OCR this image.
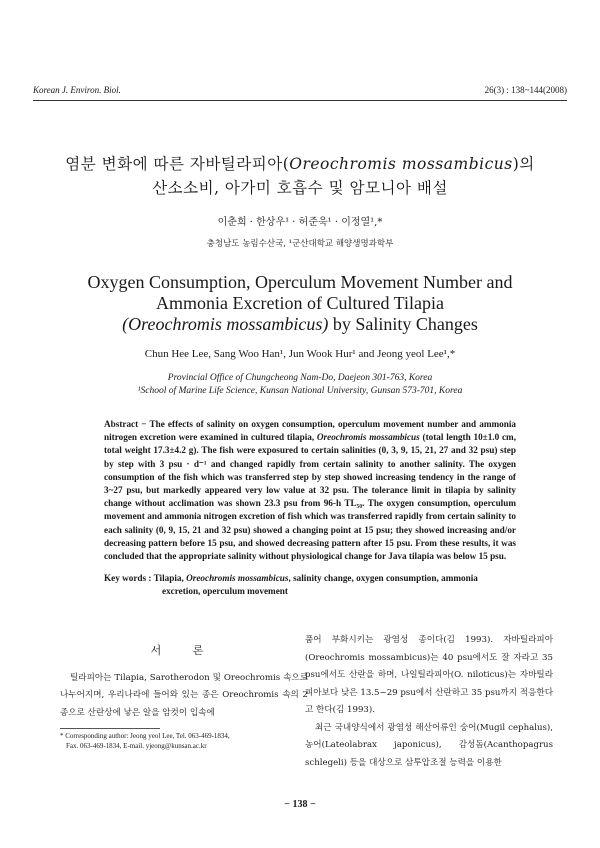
Korean J. Environ. Biol.	26(3) : 138~144(2008)
염분 변화에 따른 자바틸라피아(Oreochromis mossambicus)의
산소소비, 아가미 호흡수 및 암모니아 배설
이춘희 · 한상우¹ · 허준욱¹ · 이정열¹,*
충청남도 농림수산국, ¹군산대학교 해양생명과학부
Oxygen Consumption, Operculum Movement Number and
Ammonia Excretion of Cultured Tilapia
(Oreochromis mossambicus) by Salinity Changes
Chun Hee Lee, Sang Woo Han¹, Jun Wook Hur¹ and Jeong yeol Lee¹,*
Provincial Office of Chungcheong Nam-Do, Daejeon 301-763, Korea
¹School of Marine Life Science, Kunsan National University, Gunsan 573-701, Korea
Abstract − The effects of salinity on oxygen consumption, operculum movement number and ammonia nitrogen excretion were examined in cultured tilapia, Oreochromis mossambicus (total length 10±1.0 cm, total weight 17.3±4.2 g). The fish were exposured to certain salinities (0, 3, 9, 15, 21, 27 and 32 psu) step by step with 3 psu · d⁻¹ and changed rapidly from certain salinity to another salinity. The oxygen consumption of the fish which was transferred step by step showed increasing tendency in the range of 3~27 psu, but markedly appeared very low value at 32 psu. The tolerance limit in tilapia by salinity change without acclimation was shown 23.3 psu from 96-h TL₅₀. The oxygen consumption, operculum movement and ammonia nitrogen excretion of fish which was transferred rapidly from certain salinity to each salinity (0, 9, 15, 21 and 32 psu) showed a changing point at 15 psu; they showed increasing and/or decreasing pattern before 15 psu, and showed decreasing pattern after 15 psu. From these results, it was concluded that the appropriate salinity without physiological change for Java tilapia was below 15 psu.
Key words : Tilapia, Oreochromis mossambicus, salinity change, oxygen consumption, ammonia
excretion, operculum movement
서 론

틸라피아는 Tilapia, Sarotherodon 및 Oreochromis 속으로 나누어지며, 우리나라에 들어와 있는 종은 Oreochromis 속의 2종으로 산란상에 낳은 알을 암컷이 입속에

품어 부화시키는 광염성 종이다(김 1993). 자바틸라피아(Oreochromis mossambicus)는 40 psu에서도 잘 자라고 35 psu에서도 산란을 하며, 나일틸라피아(O. niloticus)는 자바틸라피아보다 낮은 13.5~29 psu에서 산란하고 35 psu까지 적응한다고 한다(김 1993).

최근 국내양식에서 광염성 해산어류인 숭어(Mugil cephalus), 농어(Lateolabrax japonicus), 감성돔(Acanthopagrus schlegeli) 등을 대상으로 삼투압조절 능력을 이용한

* Corresponding author: Jeong yeol Lee, Tel. 063-469-1834,
Fax. 063-469-1834, E-mail. yjeong@kunsan.ac.kr
− 138 −
